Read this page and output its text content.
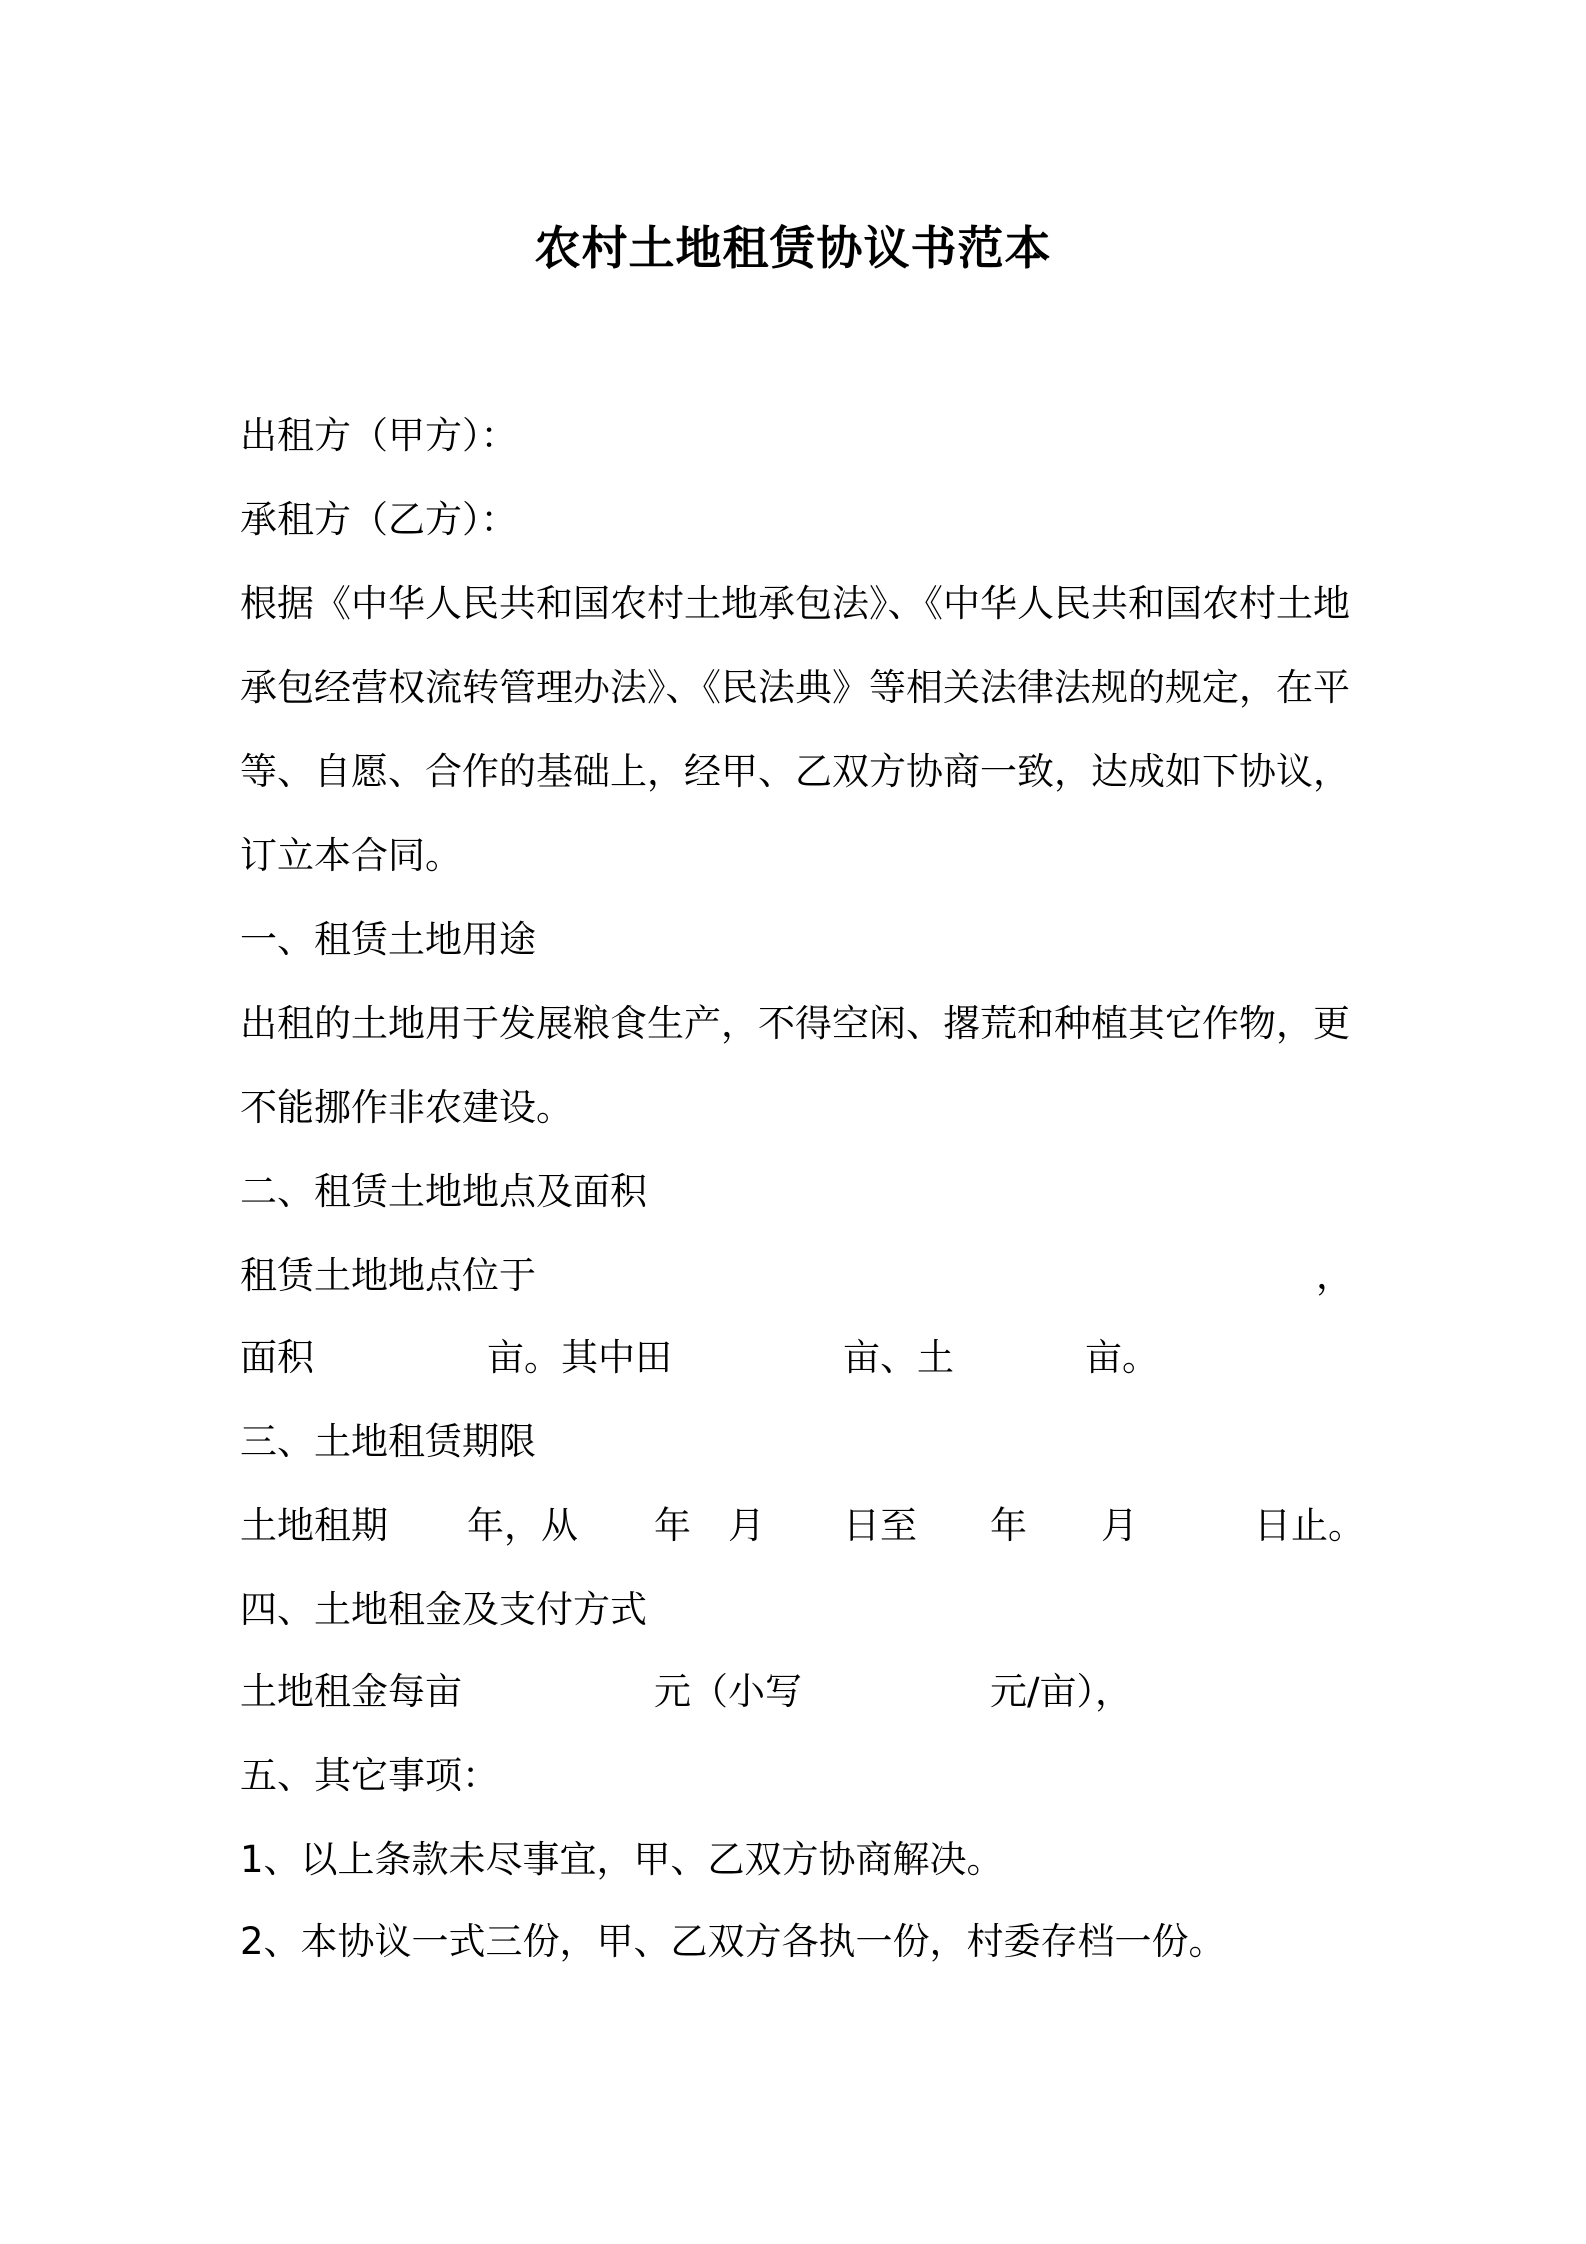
农村土地租赁协议书范本
出租方（甲方）：
承租方（乙方）：
根据《中华人民共和国农村土地承包法》、《中华人民共和国农村土地
承包经营权流转管理办法》、《民法典》等相关法律法规的规定，在平
等、自愿、合作的基础上，经甲、乙双方协商一致，达成如下协议，
订立本合同。
一、租赁土地用途
出租的土地用于发展粮食生产，不得空闲、撂荒和种植其它作物，更
不能挪作非农建设。
二、租赁土地地点及面积
租赁土地地点位于	，
面积	亩。其中田	亩、土	亩。
三、土地租赁期限
土地租期 年，从 年 月 日至 年 月	日止。
四、土地租金及支付方式
土地租金每亩	元（小写	元/亩），
五、其它事项：
1、以上条款未尽事宜，甲、乙双方协商解决。
2、本协议一式三份，甲、乙双方各执一份，村委存档一份。
